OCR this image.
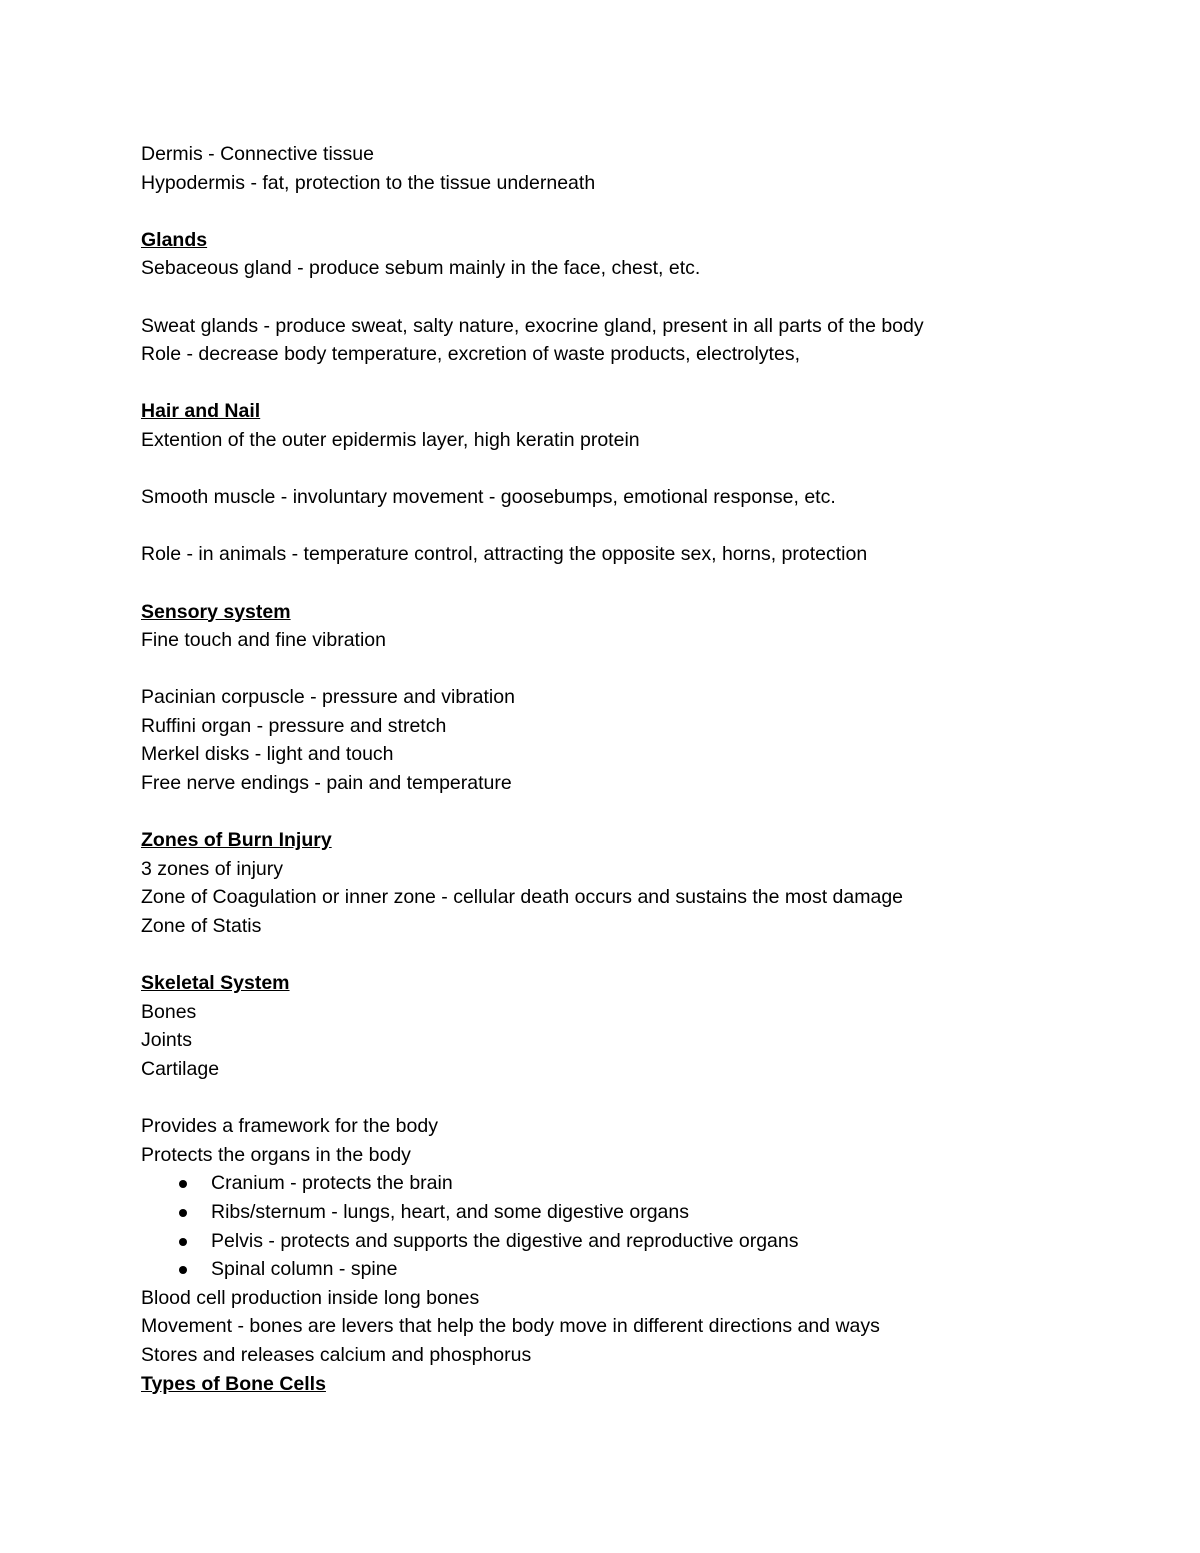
Dermis - Connective tissue
Hypodermis - fat, protection to the tissue underneath
Glands
Sebaceous gland - produce sebum mainly in the face, chest, etc.
Sweat glands - produce sweat, salty nature, exocrine gland, present in all parts of the body
Role - decrease body temperature, excretion of waste products, electrolytes,
Hair and Nail
Extention of the outer epidermis layer, high keratin protein
Smooth muscle - involuntary movement - goosebumps, emotional response, etc.
Role - in animals - temperature control, attracting the opposite sex, horns, protection
Sensory system
Fine touch and fine vibration
Pacinian corpuscle - pressure and vibration
Ruffini organ - pressure and stretch
Merkel disks - light and touch
Free nerve endings - pain and temperature
Zones of Burn Injury
3 zones of injury
Zone of Coagulation or inner zone - cellular death occurs and sustains the most damage
Zone of Statis
Skeletal System
Bones
Joints
Cartilage
Provides a framework for the body
Protects the organs in the body
Cranium - protects the brain
Ribs/sternum - lungs, heart, and some digestive organs
Pelvis - protects and supports the digestive and reproductive organs
Spinal column - spine
Blood cell production inside long bones
Movement - bones are levers that help the body move in different directions and ways
Stores and releases calcium and phosphorus
Types of Bone Cells
